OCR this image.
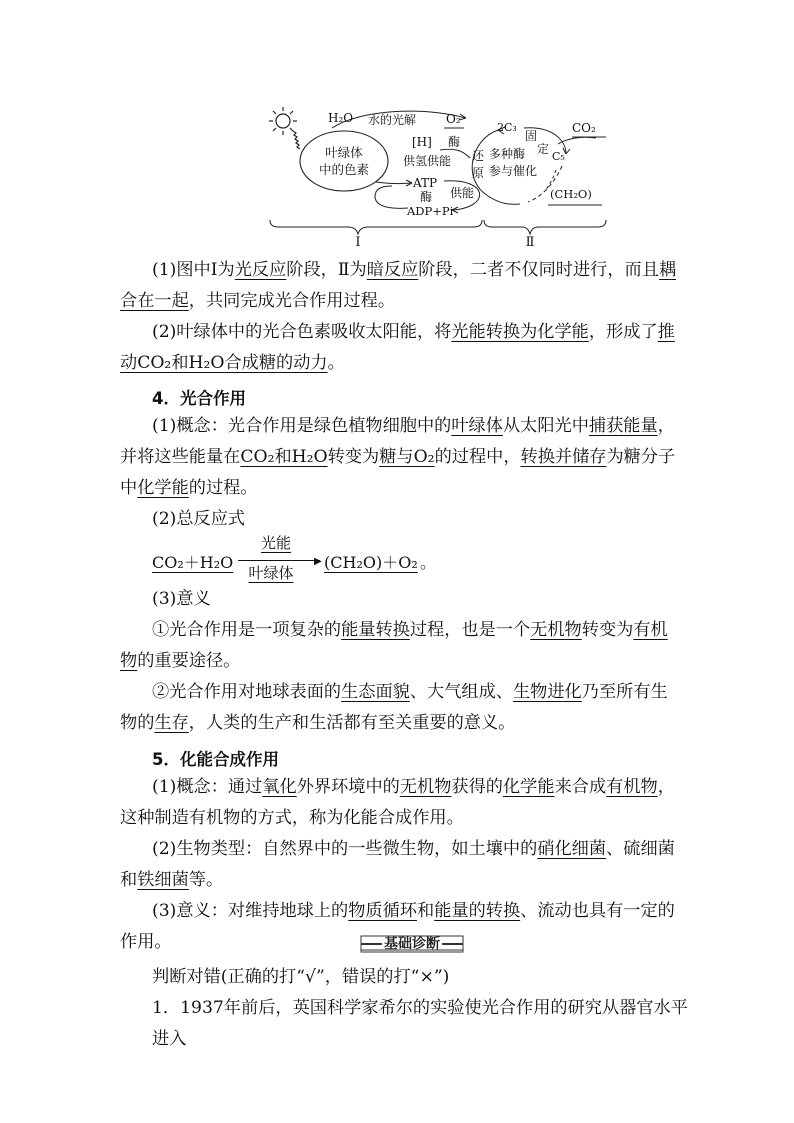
叶绿体
中的色素
H₂O 水的光解 O₂
[H] 酶
供氢供能 还
原
多种酶
参与催化
2C₃
固
定
C₅
CO₂
ATP
酶 供能	(CH₂O)
ADP+Pi
Ⅰ	Ⅱ

(1)图中Ⅰ为光反应阶段，Ⅱ为暗反应阶段，二者不仅同时进行，而且耦合在一起，共同完成光合作用过程。

(2)叶绿体中的光合色素吸收太阳能，将光能转换为化学能，形成了推动CO₂和H₂O合成糖的动力。

4．光合作用

(1)概念：光合作用是绿色植物细胞中的叶绿体从太阳光中捕获能量，并将这些能量在CO₂和H₂O转变为糖与O₂的过程中，转换并储存为糖分子中化学能的过程。

(2)总反应式

CO₂＋H₂O
光能
▶
叶绿体
(CH₂O)＋O₂ 。

(3)意义

①光合作用是一项复杂的能量转换过程，也是一个无机物转变为有机物的重要途径。

②光合作用对地球表面的生态面貌、大气组成、生物进化乃至所有生物的生存，人类的生产和生活都有至关重要的意义。

5．化能合成作用

(1)概念：通过氧化外界环境中的无机物获得的化学能来合成有机物，这种制造有机物的方式，称为化能合成作用。

(2)生物类型：自然界中的一些微生物，如土壤中的硝化细菌、硫细菌和铁细菌等。

(3)意义：对维持地球上的物质循环和能量的转换、流动也具有一定的作用。	基础诊断

判断对错(正确的打“√”，错误的打“×”)

1．1937年前后，英国科学家希尔的实验使光合作用的研究从器官水平进入
